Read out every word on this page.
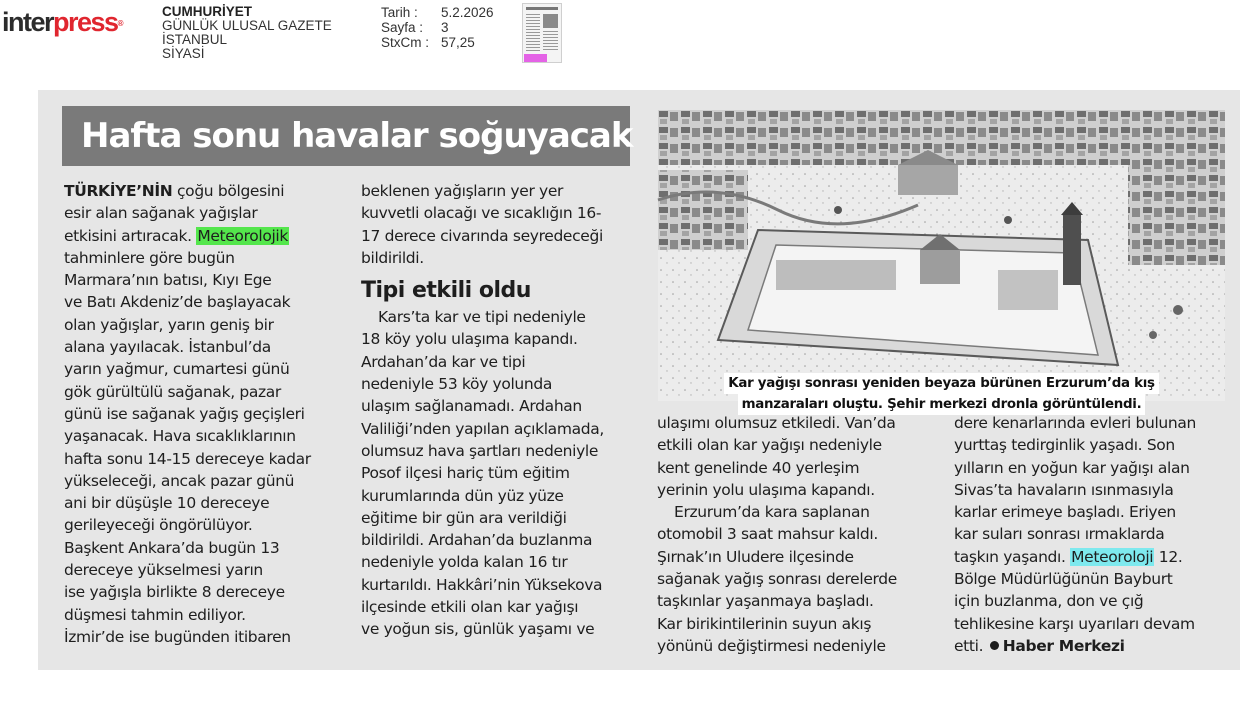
interpress®
CUMHURİYET
GÜNLÜK ULUSAL GAZETE
İSTANBUL
SİYASİ
Tarih :	5.2.2026
Sayfa :	3
StxCm : 57,25
Hafta sonu havalar soğuyacak
TÜRKİYE’NİN çoğu bölgesini
esir alan sağanak yağışlar
etkisini artıracak. Meteorolojik
tahminlere göre bugün
Marmara’nın batısı, Kıyı Ege
ve Batı Akdeniz’de başlayacak
olan yağışlar, yarın geniş bir
alana yayılacak. İstanbul’da
yarın yağmur, cumartesi günü
gök gürültülü sağanak, pazar
günü ise sağanak yağış geçişleri
yaşanacak. Hava sıcaklıklarının
hafta sonu 14-15 dereceye kadar
yükseleceği, ancak pazar günü
ani bir düşüşle 10 dereceye
gerileyeceği öngörülüyor.
Başkent Ankara’da bugün 13
dereceye yükselmesi yarın
ise yağışla birlikte 8 dereceye
düşmesi tahmin ediliyor.
İzmir’de ise bugünden itibaren
beklenen yağışların yer yer
kuvvetli olacağı ve sıcaklığın 16-
17 derece civarında seyredeceği
bildirildi.
Tipi etkili oldu
Kars’ta kar ve tipi nedeniyle
18 köy yolu ulaşıma kapandı.
Ardahan’da kar ve tipi
nedeniyle 53 köy yolunda
ulaşım sağlanamadı. Ardahan
Valiliği’nden yapılan açıklamada,
olumsuz hava şartları nedeniyle
Posof ilçesi hariç tüm eğitim
kurumlarında dün yüz yüze
eğitime bir gün ara verildiği
bildirildi. Ardahan’da buzlanma
nedeniyle yolda kalan 16 tır
kurtarıldı. Hakkâri’nin Yüksekova
ilçesinde etkili olan kar yağışı
ve yoğun sis, günlük yaşamı ve
Kar yağışı sonrası yeniden beyaza bürünen Erzurum’da kış
manzaraları oluştu. Şehir merkezi dronla görüntülendi.
ulaşımı olumsuz etkiledi. Van’da
etkili olan kar yağışı nedeniyle
kent genelinde 40 yerleşim
yerinin yolu ulaşıma kapandı.
Erzurum’da kara saplanan
otomobil 3 saat mahsur kaldı.
Şırnak’ın Uludere ilçesinde
sağanak yağış sonrası derelerde
taşkınlar yaşanmaya başladı.
Kar birikintilerinin suyun akış
yönünü değiştirmesi nedeniyle
dere kenarlarında evleri bulunan
yurttaş tedirginlik yaşadı. Son
yılların en yoğun kar yağışı alan
Sivas’ta havaların ısınmasıyla
karlar erimeye başladı. Eriyen
kar suları sonrası ırmaklarda
taşkın yaşandı. Meteoroloji 12.
Bölge Müdürlüğünün Bayburt
için buzlanma, don ve çığ
tehlikesine karşı uyarıları devam
etti. Haber Merkezi
